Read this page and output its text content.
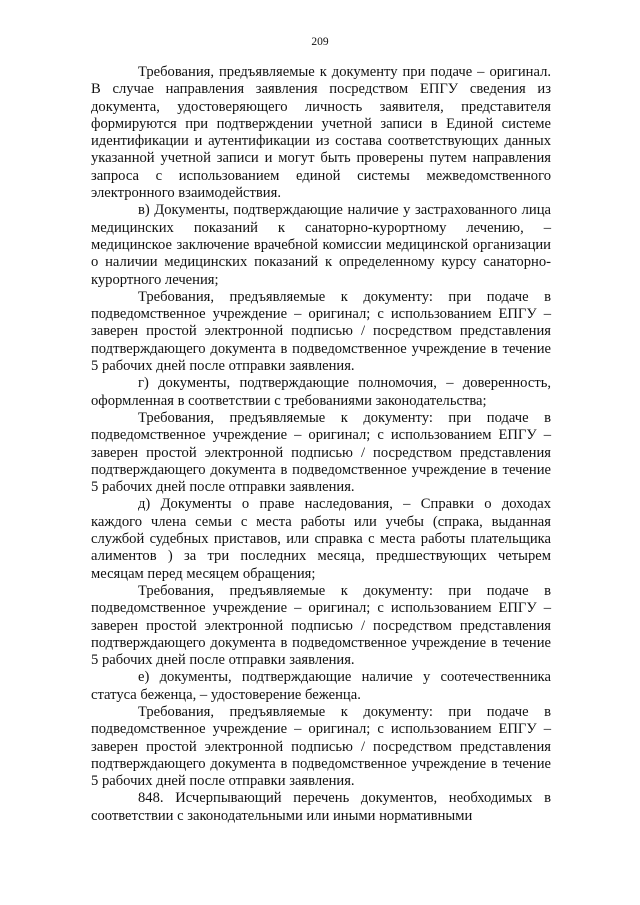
209

Требования, предъявляемые к документу при подаче – оригинал. В случае направления заявления посредством ЕПГУ сведения из документа, удостоверяющего личность заявителя, представителя формируются при подтверждении учетной записи в Единой системе идентификации и аутентификации из состава соответствующих данных указанной учетной записи и могут быть проверены путем направления запроса с использованием единой системы межведомственного электронного взаимодействия.

в) Документы, подтверждающие наличие у застрахованного лица медицинских показаний к санаторно-курортному лечению, – медицинское заключение врачебной комиссии медицинской организации о наличии медицинских показаний к определенному курсу санаторно-курортного лечения;

Требования, предъявляемые к документу: при подаче в подведомственное учреждение – оригинал; с использованием ЕПГУ – заверен простой электронной подписью / посредством представления подтверждающего документа в подведомственное учреждение в течение 5 рабочих дней после отправки заявления.

г) документы, подтверждающие полномочия, – доверенность, оформленная в соответствии с требованиями законодательства;

Требования, предъявляемые к документу: при подаче в подведомственное учреждение – оригинал; с использованием ЕПГУ – заверен простой электронной подписью / посредством представления подтверждающего документа в подведомственное учреждение в течение 5 рабочих дней после отправки заявления.

д) Документы о праве наследования, – Справки о доходах каждого члена семьи с места работы или учебы (спрака, выданная службой судебных приставов, или справка с места работы плательщика алиментов ) за три последних месяца, предшествующих четырем месяцам перед месяцем обращения;

Требования, предъявляемые к документу: при подаче в подведомственное учреждение – оригинал; с использованием ЕПГУ – заверен простой электронной подписью / посредством представления подтверждающего документа в подведомственное учреждение в течение 5 рабочих дней после отправки заявления.

е) документы, подтверждающие наличие у соотечественника статуса беженца, – удостоверение беженца.

Требования, предъявляемые к документу: при подаче в подведомственное учреждение – оригинал; с использованием ЕПГУ – заверен простой электронной подписью / посредством представления подтверждающего документа в подведомственное учреждение в течение 5 рабочих дней после отправки заявления.

848. Исчерпывающий перечень документов, необходимых в соответствии с законодательными или иными нормативными
